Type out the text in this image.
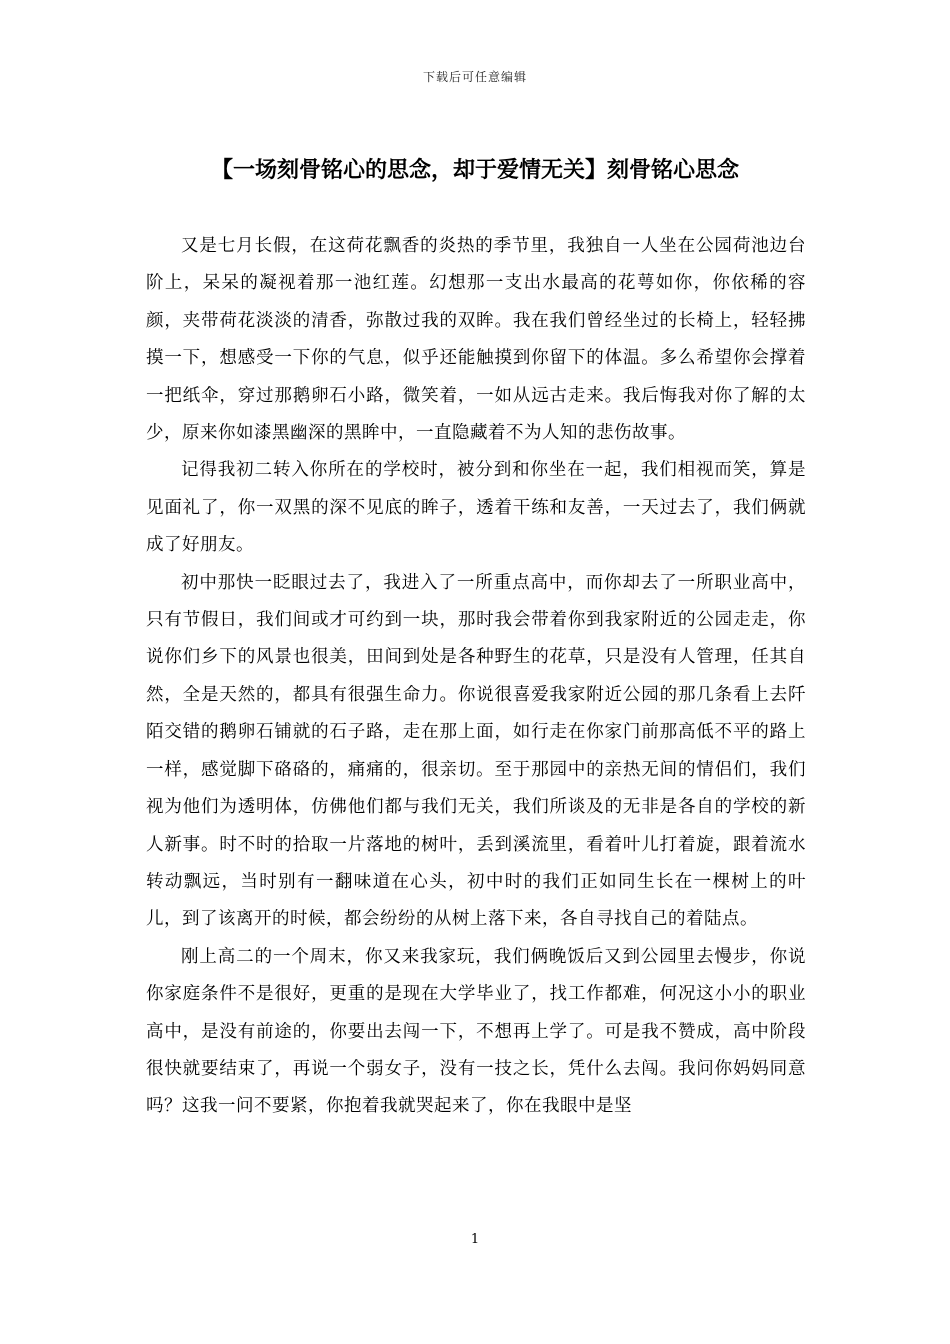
下载后可任意编辑
【一场刻骨铭心的思念，却于爱情无关】刻骨铭心思念

又是七月长假，在这荷花飘香的炎热的季节里，我独自一人坐在公园荷池边台阶上，呆呆的凝视着那一池红莲。幻想那一支出水最高的花萼如你，你依稀的容颜，夹带荷花淡淡的清香，弥散过我的双眸。我在我们曾经坐过的长椅上，轻轻拂摸一下，想感受一下你的气息，似乎还能触摸到你留下的体温。多么希望你会撑着一把纸伞，穿过那鹅卵石小路，微笑着，一如从远古走来。我后悔我对你了解的太少，原来你如漆黑幽深的黑眸中，一直隐藏着不为人知的悲伤故事。

记得我初二转入你所在的学校时，被分到和你坐在一起，我们相视而笑，算是见面礼了，你一双黑的深不见底的眸子，透着干练和友善，一天过去了，我们俩就成了好朋友。

初中那快一眨眼过去了，我进入了一所重点高中，而你却去了一所职业高中，只有节假日，我们间或才可约到一块，那时我会带着你到我家附近的公园走走，你说你们乡下的风景也很美，田间到处是各种野生的花草，只是没有人管理，任其自然，全是天然的，都具有很强生命力。你说很喜爱我家附近公园的那几条看上去阡陌交错的鹅卵石铺就的石子路，走在那上面，如行走在你家门前那高低不平的路上一样，感觉脚下硌硌的，痛痛的，很亲切。至于那园中的亲热无间的情侣们，我们视为他们为透明体，仿佛他们都与我们无关，我们所谈及的无非是各自的学校的新人新事。时不时的拾取一片落地的树叶，丢到溪流里，看着叶儿打着旋，跟着流水转动飘远，当时别有一翻味道在心头，初中时的我们正如同生长在一棵树上的叶儿，到了该离开的时候，都会纷纷的从树上落下来，各自寻找自己的着陆点。

刚上高二的一个周末，你又来我家玩，我们俩晚饭后又到公园里去慢步，你说你家庭条件不是很好，更重的是现在大学毕业了，找工作都难，何况这小小的职业高中，是没有前途的，你要出去闯一下，不想再上学了。可是我不赞成，高中阶段很快就要结束了，再说一个弱女子，没有一技之长，凭什么去闯。我问你妈妈同意吗？这我一问不要紧，你抱着我就哭起来了，你在我眼中是坚

1
